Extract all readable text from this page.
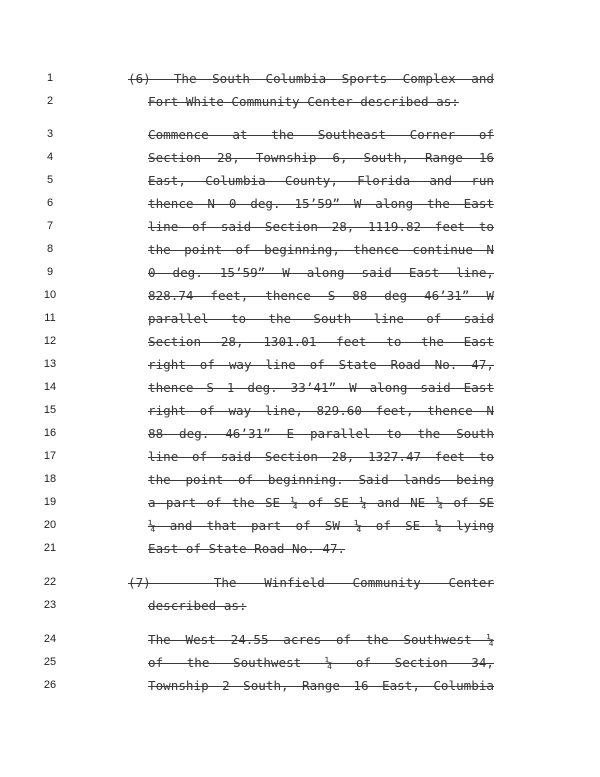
1	(6) —The South Columbia Sports Complex and
2	Fort White Community Center described as:
3	Commence at the Southeast Corner of
4	Section 28, Township 6, South, Range 16
5	East, Columbia County, Florida and run
6	thence N 0 deg. 15’59” W along the East
7	line of said Section 28, 1119.82 feet to
8	the point of beginning, thence continue N
9	0 deg. 15’59” W along said East line,
10	828.74 feet, thence S 88 deg 46’31” W
11	parallel to the South line of said
12	Section 28, 1301.01 feet to the East
13	right of way line of State Road No. 47,
14	thence S 1 deg. 33’41” W along said East
15	right of way line, 829.60 feet, thence N
16	88 deg. 46’31” E parallel to the South
17	line of said Section 28, 1327.47 feet to
18	the point of beginning. Said lands being
19	a part of the SE ¼ of SE ¼ and NE ¼ of SE
20	¼ and that part of SW ¼ of SE ¼ lying
21	East of State Road No. 47.
22	(7) — The Winfield Community Center
23	described as:
24	The West 24.55 acres of the Southwest ¼
25	of the Southwest ¼ of Section 34,
26	Township 2 South, Range 16 East, Columbia
